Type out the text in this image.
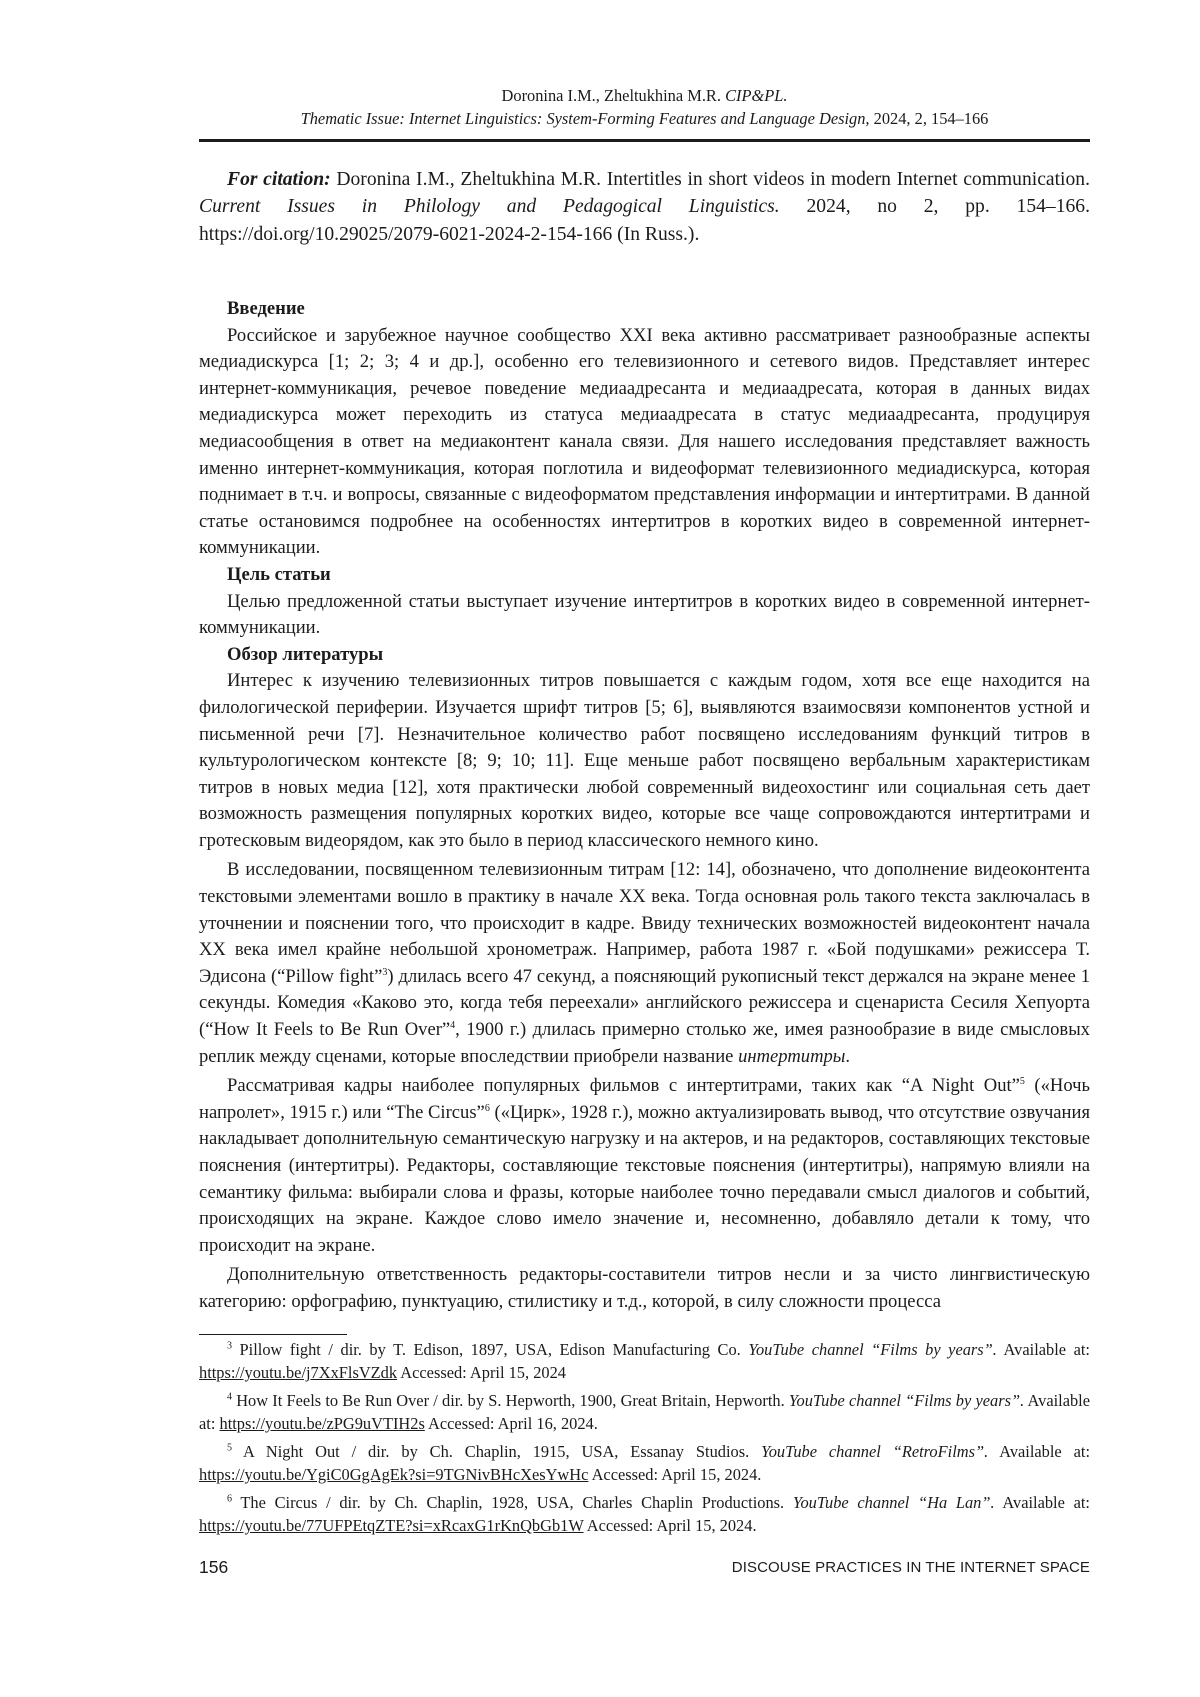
Doronina I.M., Zheltukhina M.R. CIP&PL.
Thematic Issue: Internet Linguistics: System-Forming Features and Language Design, 2024, 2, 154–166
For citation: Doronina I.M., Zheltukhina M.R. Intertitles in short videos in modern Internet communication. Current Issues in Philology and Pedagogical Linguistics. 2024, no 2, pp. 154–166. https://doi.org/10.29025/2079-6021-2024-2-154-166 (In Russ.).
Введение

Российское и зарубежное научное сообщество XXI века активно рассматривает разнообразные аспекты медиадискурса [1; 2; 3; 4 и др.], особенно его телевизионного и сетевого видов. Представляет интерес интернет-коммуникация, речевое поведение медиаадресанта и медиаадресата, которая в данных видах медиадискурса может переходить из статуса медиаадресата в статус медиаадресанта, продуцируя медиасообщения в ответ на медиаконтент канала связи. Для нашего исследования представляет важность именно интернет-коммуникация, которая поглотила и видеоформат телевизионного медиадискурса, которая поднимает в т.ч. и вопросы, связанные с видеоформатом представления информации и интертитрами. В данной статье остановимся подробнее на особенностях интертитров в коротких видео в современной интернет-коммуникации.

Цель статьи

Целью предложенной статьи выступает изучение интертитров в коротких видео в современной интернет-коммуникации.

Обзор литературы

Интерес к изучению телевизионных титров повышается с каждым годом, хотя все еще находится на филологической периферии. Изучается шрифт титров [5; 6], выявляются взаимосвязи компонентов устной и письменной речи [7]. Незначительное количество работ посвящено исследованиям функций титров в культурологическом контексте [8; 9; 10; 11]. Еще меньше работ посвящено вербальным характеристикам титров в новых медиа [12], хотя практически любой современный видеохостинг или социальная сеть дает возможность размещения популярных коротких видео, которые все чаще сопровождаются интертитрами и гротесковым видеорядом, как это было в период классического немного кино.

В исследовании, посвященном телевизионным титрам [12: 14], обозначено, что дополнение видеоконтента текстовыми элементами вошло в практику в начале XX века. Тогда основная роль такого текста заключалась в уточнении и пояснении того, что происходит в кадре. Ввиду технических возможностей видеоконтент начала XX века имел крайне небольшой хронометраж. Например, работа 1987 г. «Бой подушками» режиссера Т. Эдисона (“Pillow fight”$^3$) длилась всего 47 секунд, а поясняющий рукописный текст держался на экране менее 1 секунды. Комедия «Каково это, когда тебя переехали» английского режиссера и сценариста Сесиля Хепуорта (“How It Feels to Be Run Over”$^4$, 1900 г.) длилась примерно столько же, имея разнообразие в виде смысловых реплик между сценами, которые впоследствии приобрели название интертитры.

Рассматривая кадры наиболее популярных фильмов с интертитрами, таких как “A Night Out”$^5$ («Ночь напролет», 1915 г.) или “The Circus”$^6$ («Цирк», 1928 г.), можно актуализировать вывод, что отсутствие озвучания накладывает дополнительную семантическую нагрузку и на актеров, и на редакторов, составляющих текстовые пояснения (интертитры). Редакторы, составляющие текстовые пояснения (интертитры), напрямую влияли на семантику фильма: выбирали слова и фразы, которые наиболее точно передавали смысл диалогов и событий, происходящих на экране. Каждое слово имело значение и, несомненно, добавляло детали к тому, что происходит на экране.

Дополнительную ответственность редакторы-составители титров несли и за чисто лингвистическую категорию: орфографию, пунктуацию, стилистику и т.д., которой, в силу сложности процесса

$^3$ Pillow fight / dir. by T. Edison, 1897, USA, Edison Manufacturing Co. YouTube channel “Films by years”. Available at: https://youtu.be/j7XxFlsVZdk Accessed: April 15, 2024

$^4$ How It Feels to Be Run Over / dir. by S. Hepworth, 1900, Great Britain, Hepworth. YouTube channel “Films by years”. Available at: https://youtu.be/zPG9uVTIH2s Accessed: April 16, 2024.

$^5$ A Night Out / dir. by Ch. Chaplin, 1915, USA, Essanay Studios. YouTube channel “RetroFilms”. Available at: https://youtu.be/YgiC0GgAgEk?si=9TGNivBHcXesYwHc Accessed: April 15, 2024.

$^6$ The Circus / dir. by Ch. Chaplin, 1928, USA, Charles Chaplin Productions. YouTube channel “Ha Lan”. Available at: https://youtu.be/77UFPEtqZTE?si=xRcaxG1rKnQbGb1W Accessed: April 15, 2024.

156	DISCOUSE PRACTICES IN THE INTERNET SPACE
